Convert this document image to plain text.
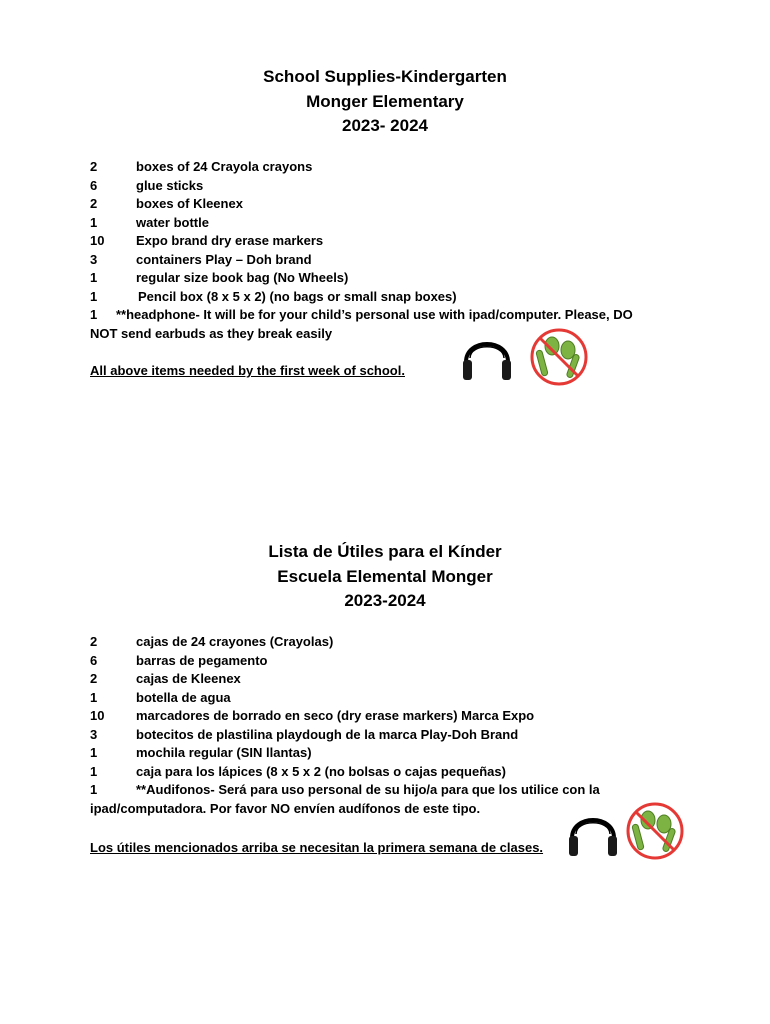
School Supplies-Kindergarten
Monger Elementary
2023- 2024
2	boxes of 24 Crayola crayons
6	glue sticks
2	boxes of Kleenex
1	water bottle
10 Expo brand dry erase markers
3	containers Play – Doh brand
1	regular size book bag (No Wheels)
1	Pencil box (8 x 5 x 2) (no bags or small snap boxes)
1 **headphone- It will be for your child’s personal use with ipad/computer. Please, DO NOT send earbuds as they break easily
All above items needed by the first week of school.
Lista de Útiles para el Kínder
Escuela Elemental Monger
2023-2024
2	cajas de 24 crayones (Crayolas)
6	barras de pegamento
2	cajas de Kleenex
1	botella de agua
10 marcadores de borrado en seco (dry erase markers) Marca Expo
3	botecitos de plastilina playdough de la marca Play-Doh Brand
1	mochila regular (SIN llantas)
1	caja para los lápices (8 x 5 x 2 (no bolsas o cajas pequeñas)
1	**Audifonos- Será para uso personal de su hijo/a para que los utilice con la ipad/computadora. Por favor NO envíen audífonos de este tipo.
Los útiles mencionados arriba se necesitan la primera semana de clases.
